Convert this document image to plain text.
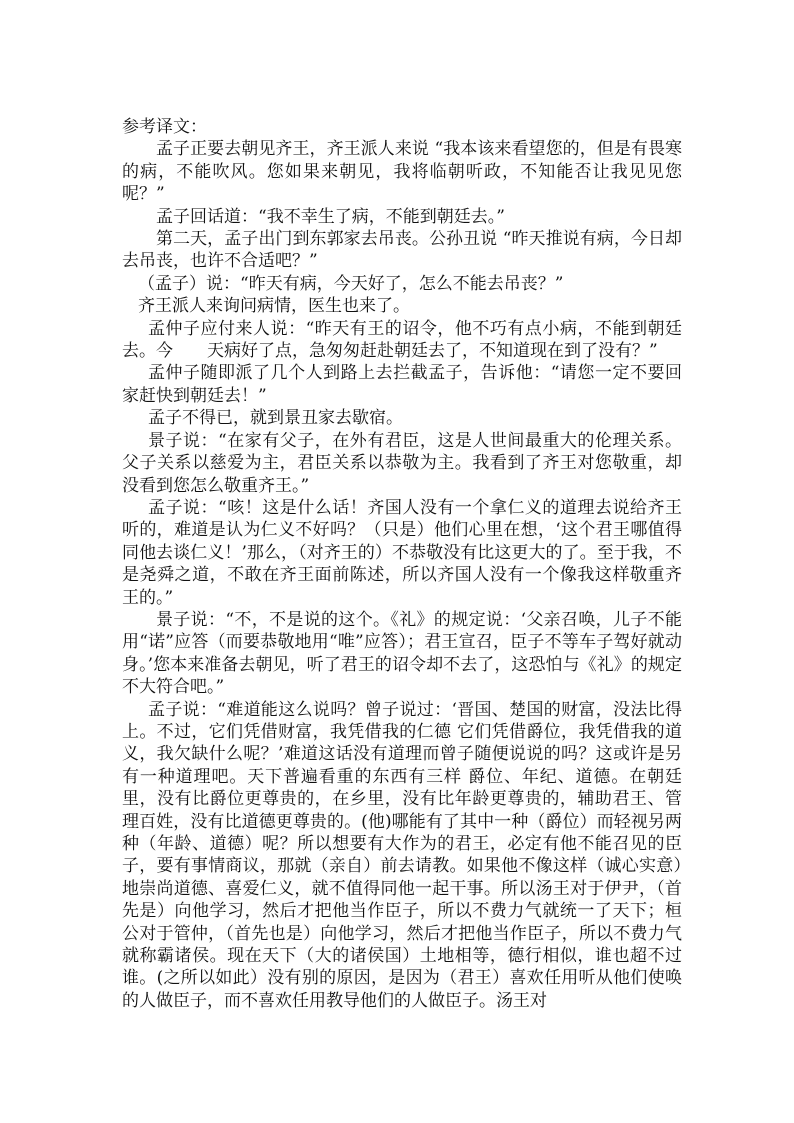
参考译文：

孟子正要去朝见齐王，齐王派人来说 “我本该来看望您的，但是有畏寒的病，不能吹风。您如果来朝见，我将临朝听政，不知能否让我见见您呢？”

孟子回话道：“我不幸生了病，不能到朝廷去。”

第二天，孟子出门到东郭家去吊丧。公孙丑说 “昨天推说有病，今日却去吊丧，也许不合适吧？”

（孟子）说：“昨天有病，今天好了，怎么不能去吊丧？”

齐王派人来询问病情，医生也来了。

孟仲子应付来人说：“昨天有王的诏令，他不巧有点小病，不能到朝廷去。今　　天病好了点，急匆匆赶赴朝廷去了，不知道现在到了没有？”

孟仲子随即派了几个人到路上去拦截孟子，告诉他：“请您一定不要回家赶快到朝廷去！”

孟子不得已，就到景丑家去歇宿。

景子说：“在家有父子，在外有君臣，这是人世间最重大的伦理关系。父子关系以慈爱为主，君臣关系以恭敬为主。我看到了齐王对您敬重，却没看到您怎么敬重齐王。”

孟子说：“咳！这是什么话！齐国人没有一个拿仁义的道理去说给齐王听的，难道是认为仁义不好吗？（只是）他们心里在想，‘这个君王哪值得同他去谈仁义！’那么，（对齐王的）不恭敬没有比这更大的了。至于我，不是尧舜之道，不敢在齐王面前陈述，所以齐国人没有一个像我这样敬重齐王的。”

景子说：“不，不是说的这个。《礼》的规定说：‘父亲召唤，儿子不能用“诺”应答（而要恭敬地用“唯”应答）；君王宣召，臣子不等车子驾好就动身。’您本来准备去朝见，听了君王的诏令却不去了，这恐怕与《礼》的规定不大符合吧。”

孟子说：“难道能这么说吗？曾子说过：‘晋国、楚国的财富，没法比得上。不过，它们凭借财富，我凭借我的仁德 它们凭借爵位，我凭借我的道义，我欠缺什么呢？’难道这话没有道理而曾子随便说说的吗？这或许是另有一种道理吧。天下普遍看重的东西有三样 爵位、年纪、道德。在朝廷里，没有比爵位更尊贵的，在乡里，没有比年龄更尊贵的，辅助君王、管理百姓，没有比道德更尊贵的。(他)哪能有了其中一种（爵位）而轻视另两种（年龄、道德）呢？所以想要有大作为的君王，必定有他不能召见的臣子，要有事情商议，那就（亲自）前去请教。如果他不像这样（诚心实意）地崇尚道德、喜爱仁义，就不值得同他一起干事。所以汤王对于伊尹，（首先是）向他学习，然后才把他当作臣子，所以不费力气就统一了天下；桓公对于管仲，（首先也是）向他学习，然后才把他当作臣子，所以不费力气就称霸诸侯。现在天下（大的诸侯国）土地相等，德行相似，谁也超不过谁。(之所以如此）没有别的原因，是因为（君王）喜欢任用听从他们使唤的人做臣子，而不喜欢任用教导他们的人做臣子。汤王对
